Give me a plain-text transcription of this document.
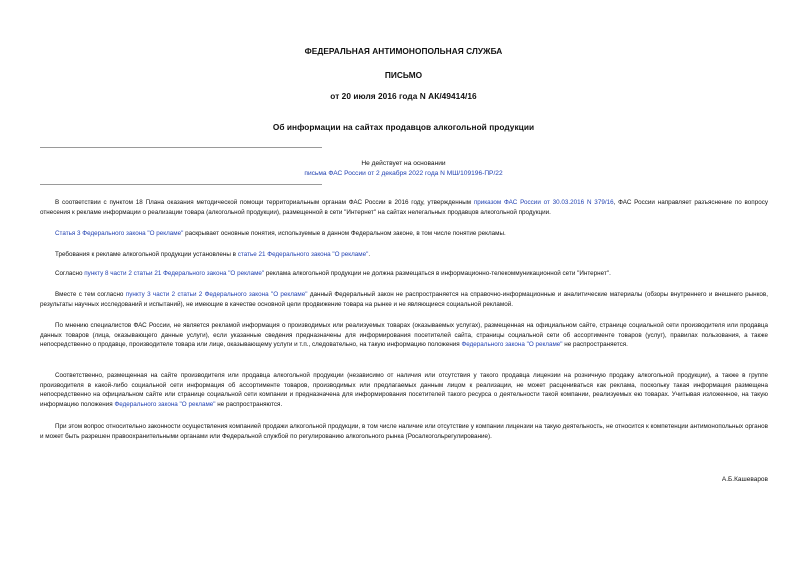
ФЕДЕРАЛЬНАЯ АНТИМОНОПОЛЬНАЯ СЛУЖБА
ПИСЬМО
от 20 июля 2016 года N АК/49414/16
Об информации на сайтах продавцов алкогольной продукции
Не действует на основании
письма ФАС России от 2 декабря 2022 года N МШ/109196-ПР/22

В соответствии с пунктом 18 Плана оказания методической помощи территориальным органам ФАС России в 2016 году, утвержденным приказом ФАС России от 30.03.2016 N 379/16, ФАС России направляет разъяснение по вопросу отнесения к рекламе информации о реализации товара (алкогольной продукции), размещенной в сети "Интернет" на сайтах нелегальных продавцов алкогольной продукции.

Статья 3 Федерального закона "О рекламе" раскрывает основные понятия, используемые в данном Федеральном законе, в том числе понятие рекламы.

Требования к рекламе алкогольной продукции установлены в статье 21 Федерального закона "О рекламе".

Согласно пункту 8 части 2 статьи 21 Федерального закона "О рекламе" реклама алкогольной продукции не должна размещаться в информационно-телекоммуникационной сети "Интернет".

Вместе с тем согласно пункту 3 части 2 статьи 2 Федерального закона "О рекламе" данный Федеральный закон не распространяется на справочно-информационные и аналитические материалы (обзоры внутреннего и внешнего рынков, результаты научных исследований и испытаний), не имеющие в качестве основной цели продвижение товара на рынке и не являющиеся социальной рекламой.

По мнению специалистов ФАС России, не является рекламой информация о производимых или реализуемых товарах (оказываемых услугах), размещенная на официальном сайте, странице социальной сети производителя или продавца данных товаров (лица, оказывающего данные услуги), если указанные сведения предназначены для информирования посетителей сайта, страницы социальной сети об ассортименте товаров (услуг), правилах пользования, а также непосредственно о продавце, производителе товара или лице, оказывающему услуги и т.п., следовательно, на такую информацию положения Федерального закона "О рекламе" не распространяется.

Соответственно, размещенная на сайте производителя или продавца алкогольной продукции (независимо от наличия или отсутствия у такого продавца лицензии на розничную продажу алкогольной продукции), а также в группе производителя в какой-либо социальной сети информация об ассортименте товаров, производимых или предлагаемых данным лицом к реализации, не может расцениваться как реклама, поскольку такая информация размещена непосредственно на официальном сайте или странице социальной сети компании и предназначена для информирования посетителей такого ресурса о деятельности такой компании, реализуемых ею товарах. Учитывая изложенное, на такую информацию положения Федерального закона "О рекламе" не распространяются.

При этом вопрос относительно законности осуществления компанией продажи алкогольной продукции, в том числе наличие или отсутствие у компании лицензии на такую деятельность, не относится к компетенции антимонопольных органов и может быть разрешен правоохранительными органами или Федеральной службой по регулированию алкогольного рынка (Росалкогольрегулирование).

А.Б.Кашеваров
